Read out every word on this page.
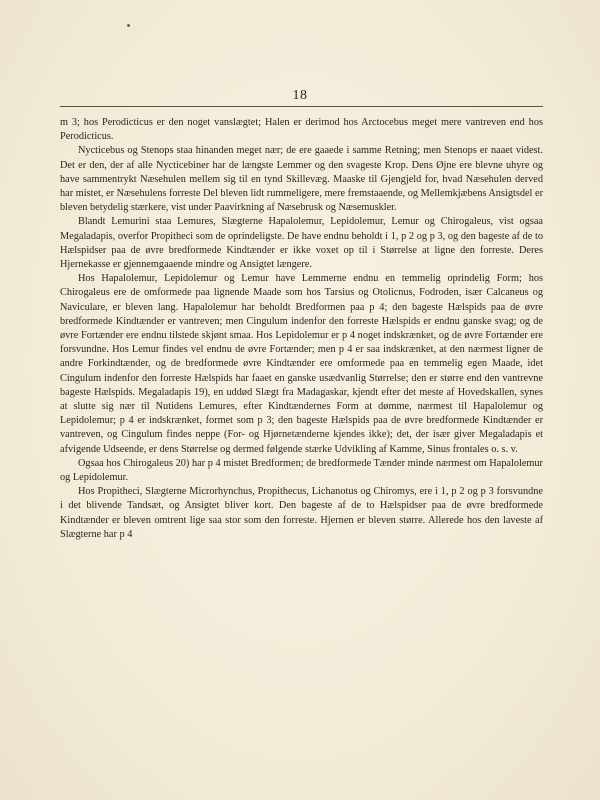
18

m 3; hos Perodicticus er den noget vanslægtet; Halen er derimod hos Arctocebus meget mere vantreven end hos Perodicticus.

Nycticebus og Stenops staa hinanden meget nær; de ere gaaede i samme Retning; men Stenops er naaet videst. Det er den, der af alle Nycticebiner har de længste Lemmer og den svageste Krop. Dens Øjne ere blevne uhyre og have sammentrykt Næsehulen mellem sig til en tynd Skillevæg. Maaske til Gjengjeld for, hvad Næsehulen derved har mistet, er Næsehulens forreste Del bleven lidt rummeligere, mere fremstaaende, og Mellemkjæbens Ansigtsdel er bleven betydelig stærkere, vist under Paavirkning af Næsebrusk og Næsemuskler.

Blandt Lemurini staa Lemures, Slægterne Hapalolemur, Lepidolemur, Lemur og Chirogaleus, vist ogsaa Megaladapis, overfor Propitheci som de oprindeligste. De have endnu beholdt i 1, p 2 og p 3, og den bageste af de to Hælspidser paa de øvre bredformede Kindtænder er ikke voxet op til i Størrelse at ligne den forreste. Deres Hjernekasse er gjennemgaaende mindre og Ansigtet længere.

Hos Hapalolemur, Lepidolemur og Lemur have Lemmerne endnu en temmelig oprindelig Form; hos Chirogaleus ere de omformede paa lignende Maade som hos Tarsius og Otolicnus, Fodroden, især Calcaneus og Naviculare, er bleven lang. Hapalolemur har beholdt Bredformen paa p 4; den bageste Hælspids paa de øvre bredformede Kindtænder er vantreven; men Cingulum indenfor den forreste Hælspids er endnu ganske svag; og de øvre Fortænder ere endnu tilstede skjønt smaa. Hos Lepidolemur er p 4 noget indskrænket, og de øvre Fortænder ere forsvundne. Hos Lemur findes vel endnu de øvre Fortænder; men p 4 er saa indskrænket, at den nærmest ligner de andre Forkindtænder, og de bredformede øvre Kindtænder ere omformede paa en temmelig egen Maade, idet Cingulum indenfor den forreste Hælspids har faaet en ganske usædvanlig Størrelse; den er større end den vantrevne bageste Hælspids. Megaladapis 19), en uddød Slægt fra Madagaskar, kjendt efter det meste af Hovedskallen, synes at slutte sig nær til Nutidens Lemures, efter Kindtændernes Form at dømme, nærmest til Hapalolemur og Lepidolemur; p 4 er indskrænket, formet som p 3; den bageste Hælspids paa de øvre bredformede Kindtænder er vantreven, og Cingulum findes neppe (For- og Hjørnetænderne kjendes ikke); det, der især giver Megaladapis et afvigende Udseende, er dens Størrelse og dermed følgende stærke Udvikling af Kamme, Sinus frontales o. s. v.

Ogsaa hos Chirogaleus 20) har p 4 mistet Bredformen; de bredformede Tænder minde nærmest om Hapalolemur og Lepidolemur.

Hos Propitheci, Slægterne Microrhynchus, Propithecus, Lichanotus og Chiromys, ere i 1, p 2 og p 3 forsvundne i det blivende Tandsæt, og Ansigtet bliver kort. Den bageste af de to Hælspidser paa de øvre bredformede Kindtænder er bleven omtrent lige saa stor som den forreste. Hjernen er bleven større. Allerede hos den laveste af Slægterne har p 4
